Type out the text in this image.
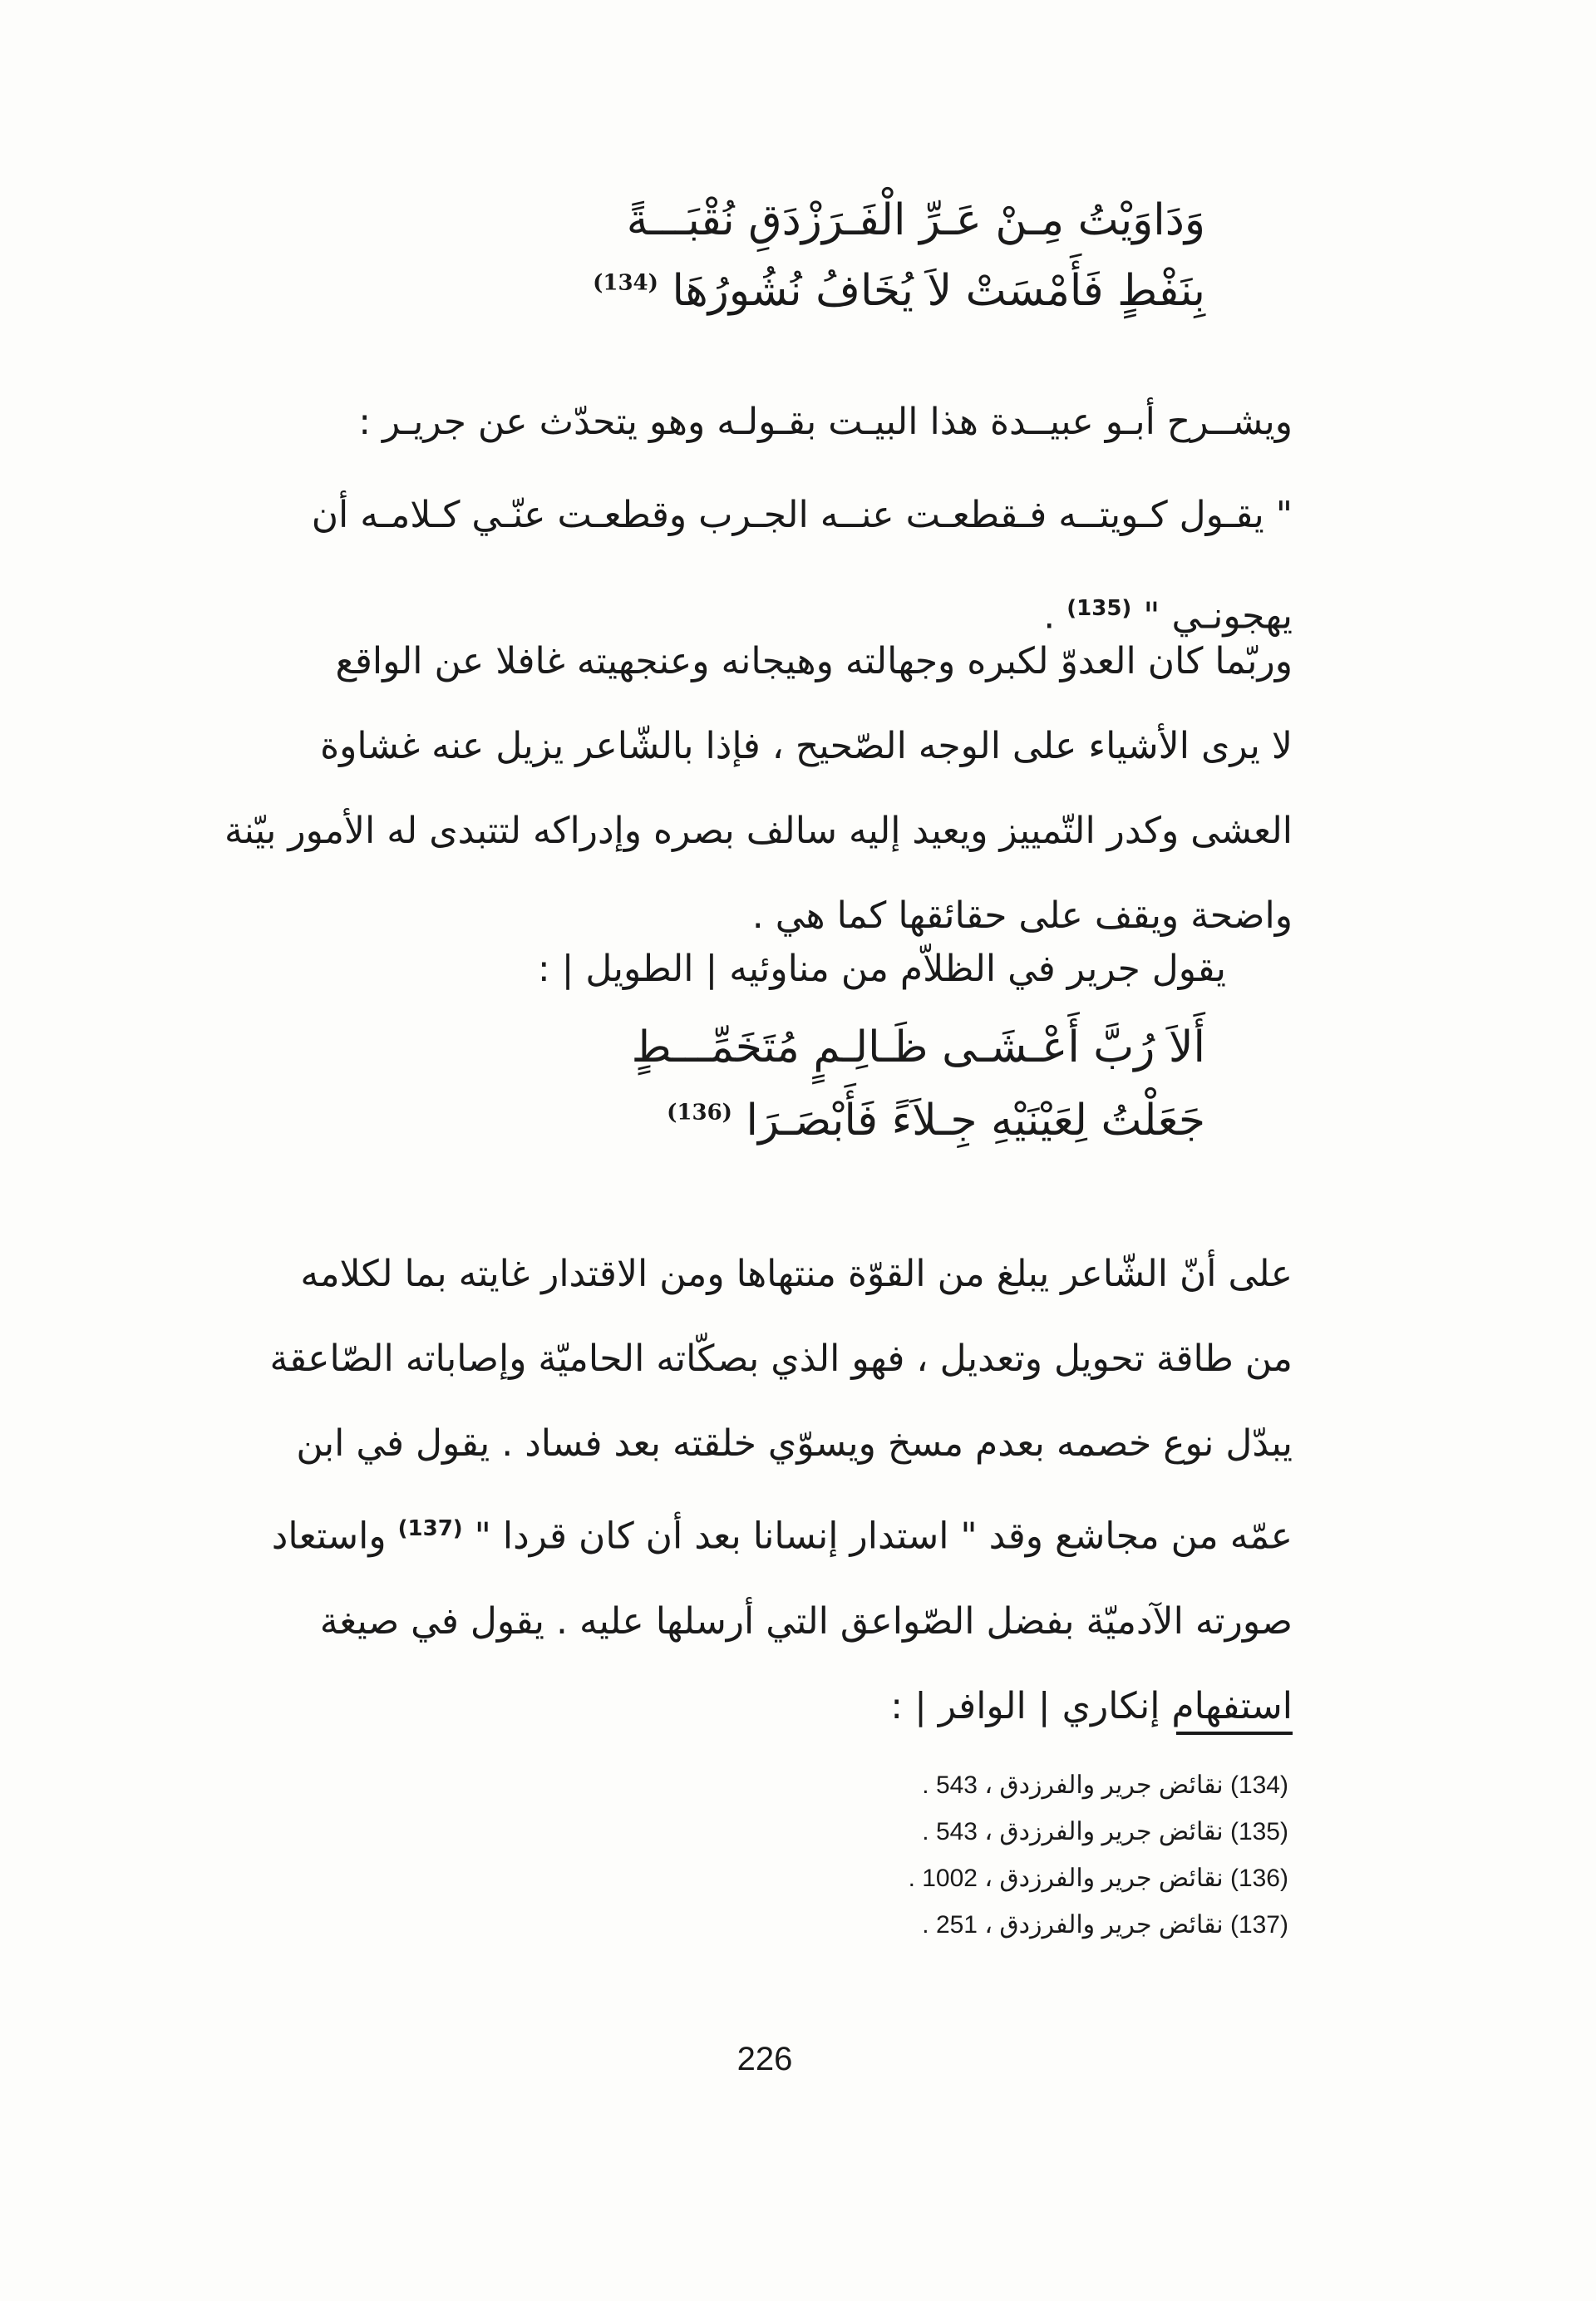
وَدَاوَيْتُ مِـنْ عَـرِّ الْفَـرَزْدَقِ نُقْبَـــةً
بِنَفْطٍ فَأَمْسَتْ لاَ يُخَافُ نُشُورُهَا $^{(134)}$
ويشــرح أبـو عبيــدة هذا البيـت بقـولـه وهو يتحدّث عن جريـر :
" يقـول كـويتــه فـقطعـت عنــه الجـرب وقطعـت عنّـي كـلامـه أن
يهجونـي " $^{(135)}$ .
وربّما كان العدوّ لكبره وجهالته وهيجانه وعنجهيته غافلا عن الواقع
لا يرى الأشياء على الوجه الصّحيح ، فإذا بالشّاعر يزيل عنه غشاوة
العشى وكدر التّمييز ويعيد إليه سالف بصره وإدراكه لتتبدى له الأمور بيّنة
واضحة ويقف على حقائقها كما هي .
يقول جرير في الظلاّم من مناوئيه | الطويل | :
أَلاَ رُبَّ أَعْـشَـى ظَـالِـمٍ مُتَخَمِّـــطٍ
جَعَلْتُ لِعَيْنَيْهِ جِـلاَءً فَأَبْصَـرَا $^{(136)}$
على أنّ الشّاعر يبلغ من القوّة منتهاها ومن الاقتدار غايته بما لكلامه
من طاقة تحويل وتعديل ، فهو الذي بصكّاته الحاميّة وإصاباته الصّاعقة
يبدّل نوع خصمه بعدم مسخ ويسوّي خلقته بعد فساد . يقول في ابن
عمّه من مجاشع وقد " استدار إنسانا بعد أن كان قردا " $^{(137)}$ واستعاد
صورته الآدميّة بفضل الصّواعق التي أرسلها عليه . يقول في صيغة
استفهام إنكاري | الوافر | :
(134) نقائض جرير والفرزدق ، 543 .
(135) نقائض جرير والفرزدق ، 543 .
(136) نقائض جرير والفرزدق ، 1002 .
(137) نقائض جرير والفرزدق ، 251 .
226
